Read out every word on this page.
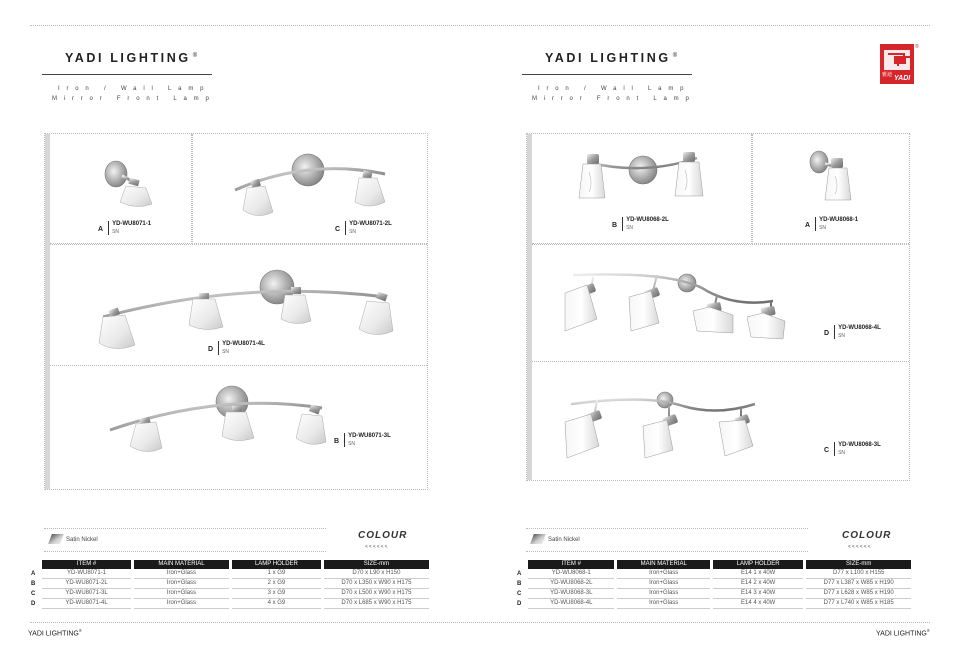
YADI LIGHTING ®
Iron / Wall Lamp
Mirror Front Lamp
A
YD-WU8071-1
SN	C
YD-WU8071-2L
SN
D
YD-WU8071-4L
SN
B
YD-WU8071-3L
SN
Satin Nickel	COLOUR
<<<<<<
	ITEM #	MAIN MATERIAL	LAMP HOLDER	SIZE-mm
A	YD-WU8071-1	Iron+Glass	1 x G9	D70 x L90 x H150
B	YD-WU8071-2L	Iron+Glass	2 x G9	D70 x L350 x W90 x H175
C	YD-WU8071-3L	Iron+Glass	3 x G9	D70 x L500 x W90 x H175
D	YD-WU8071-4L	Iron+Glass	4 x G9	D70 x L685 x W90 x H175
YADI LIGHTING®
YADI LIGHTING ®
Iron / Wall Lamp
Mirror Front Lamp
雅迪 YADI
®
B
YD-WU8068-2L
SN	A
YD-WU8068-1
SN
D
YD-WU8068-4L
SN
C
YD-WU8068-3L
SN
Satin Nickel	COLOUR
<<<<<<
	ITEM #	MAIN MATERIAL	LAMP HOLDER	SIZE-mm
A	YD-WU8068-1	Iron+Glass	E14 1 x 40W	D77 x L100 x H155
B	YD-WU8068-2L	Iron+Glass	E14 2 x 40W	D77 x L387 x W85 x H190
C	YD-WU8068-3L	Iron+Glass	E14 3 x 40W	D77 x L628 x W85 x H190
D	YD-WU8068-4L	Iron+Glass	E14 4 x 40W	D77 x L740 x W85 x H185
YADI LIGHTING®
